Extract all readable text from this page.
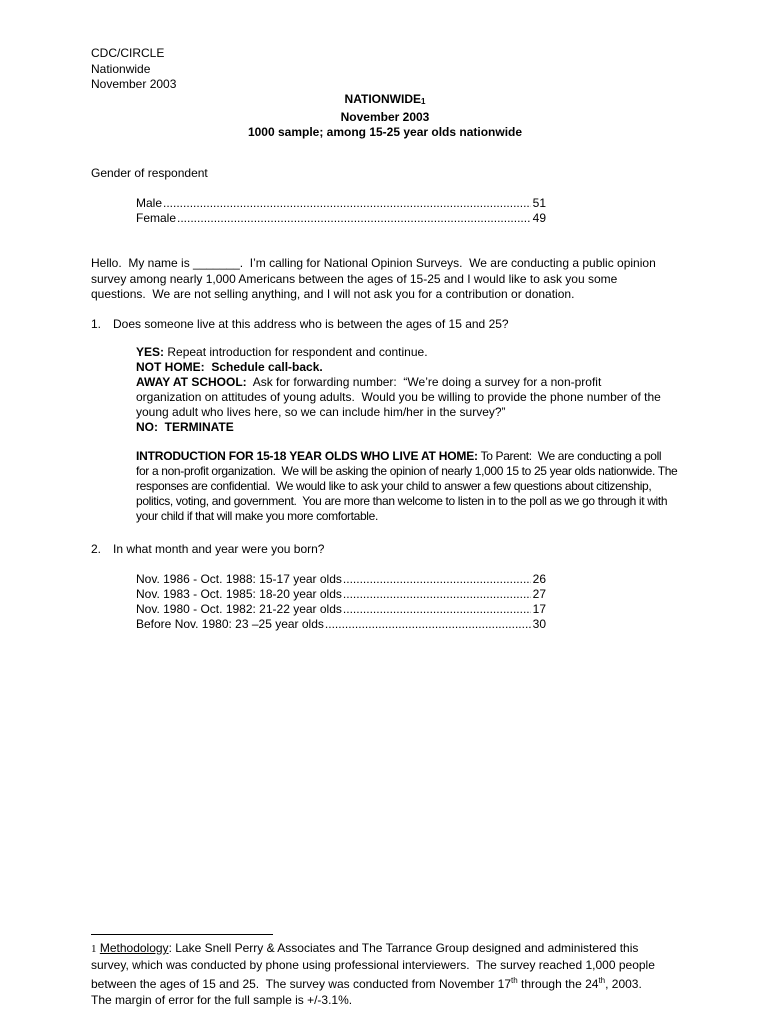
CDC/CIRCLE
Nationwide
November 2003
NATIONWIDE1
November 2003
1000 sample; among 15-25 year olds nationwide
Gender of respondent
Male .....	51
Female .....	49
Hello.  My name is _______.  I’m calling for National Opinion Surveys.  We are conducting a public opinion
survey among nearly 1,000 Americans between the ages of 15-25 and I would like to ask you some
questions.  We are not selling anything, and I will not ask you for a contribution or donation.
1. Does someone live at this address who is between the ages of 15 and 25?
YES: Repeat introduction for respondent and continue.
NOT HOME:  Schedule call-back.
AWAY AT SCHOOL:  Ask for forwarding number:  “We’re doing a survey for a non-profit
organization on attitudes of young adults.  Would you be willing to provide the phone number of the
young adult who lives here, so we can include him/her in the survey?”
NO:  TERMINATE
INTRODUCTION FOR 15-18 YEAR OLDS WHO LIVE AT HOME: To Parent:  We are conducting a poll
for a non-profit organization.  We will be asking the opinion of nearly 1,000 15 to 25 year olds nationwide. The
responses are confidential.  We would like to ask your child to answer a few questions about citizenship,
politics, voting, and government.  You are more than welcome to listen in to the poll as we go through it with
your child if that will make you more comfortable.
2. In what month and year were you born?
Nov. 1986 - Oct. 1988: 15-17 year olds .....	26
Nov. 1983 - Oct. 1985: 18-20 year olds .....	27
Nov. 1980 - Oct. 1982: 21-22 year olds .....	17
Before Nov. 1980: 23 –25 year olds .....	30
1 Methodology: Lake Snell Perry & Associates and The Tarrance Group designed and administered this
survey, which was conducted by phone using professional interviewers.  The survey reached 1,000 people
between the ages of 15 and 25.  The survey was conducted from November 17th through the 24th, 2003.
The margin of error for the full sample is +/-3.1%.
